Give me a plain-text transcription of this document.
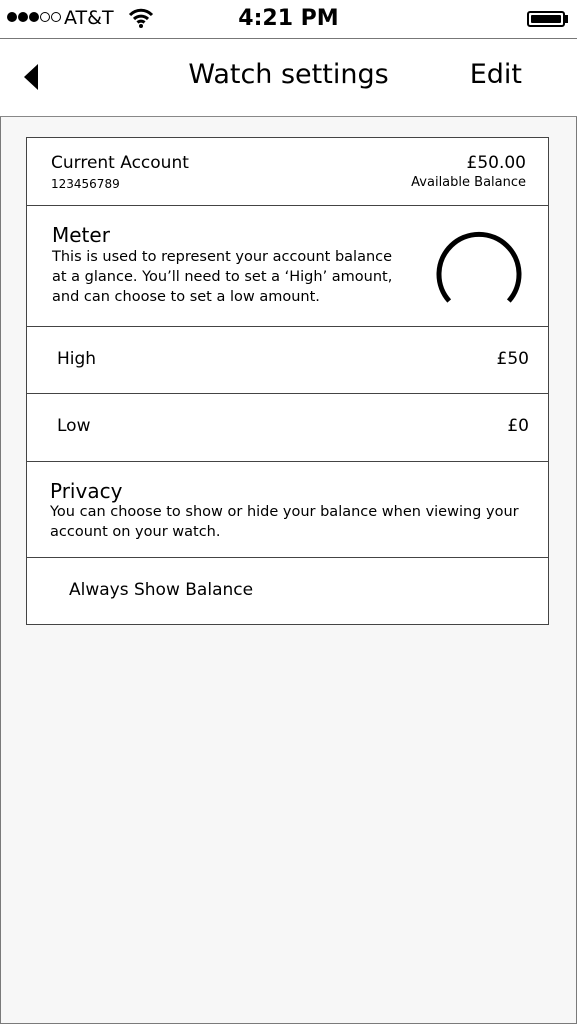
AT&T	4:21 PM
Watch settings	Edit
Current Account
123456789
£50.00
Available Balance
Meter
This is used to represent your account balance at a glance. You’ll need to set a ‘High’ amount, and can choose to set a low amount.
High	£50
Low	£0
Privacy
You can choose to show or hide your balance when viewing your account on your watch.
Always Show Balance
